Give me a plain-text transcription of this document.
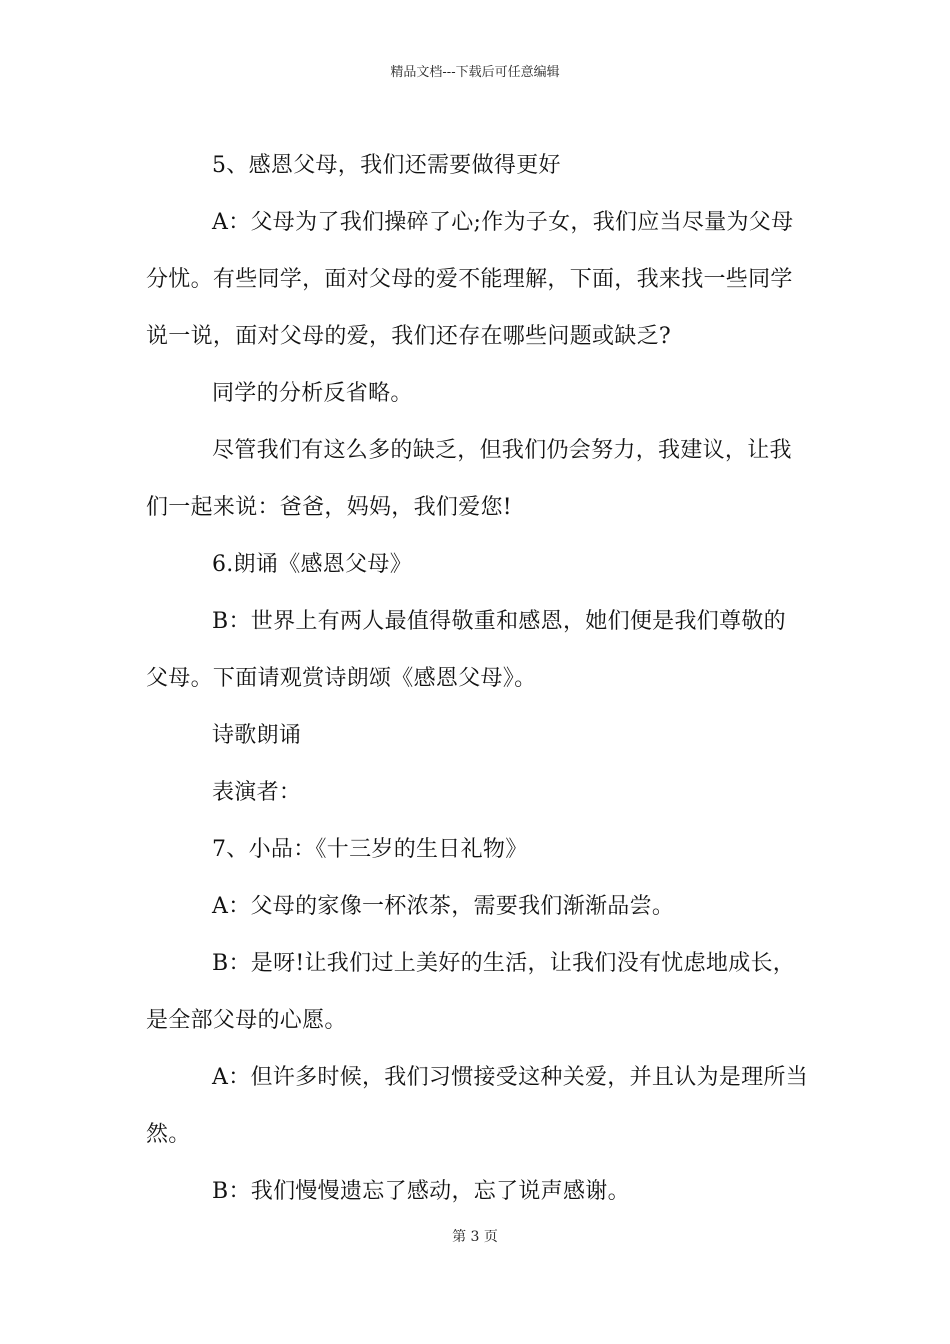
精品文档---下载后可任意编辑

5、感恩父母，我们还需要做得更好

A：父母为了我们操碎了心;作为子女，我们应当尽量为父母分忧。有些同学，面对父母的爱不能理解，下面，我来找一些同学说一说，面对父母的爱，我们还存在哪些问题或缺乏?

同学的分析反省略。

尽管我们有这么多的缺乏，但我们仍会努力，我建议，让我们一起来说：爸爸，妈妈，我们爱您!

6.朗诵《感恩父母》

B：世界上有两人最值得敬重和感恩，她们便是我们尊敬的父母。下面请观赏诗朗颂《感恩父母》。

诗歌朗诵

表演者：

7、小品：《十三岁的生日礼物》

A：父母的家像一杯浓茶，需要我们渐渐品尝。

B：是呀!让我们过上美好的生活，让我们没有忧虑地成长，是全部父母的心愿。

A：但许多时候，我们习惯接受这种关爱，并且认为是理所当然。

B：我们慢慢遗忘了感动，忘了说声感谢。

第 3 页
